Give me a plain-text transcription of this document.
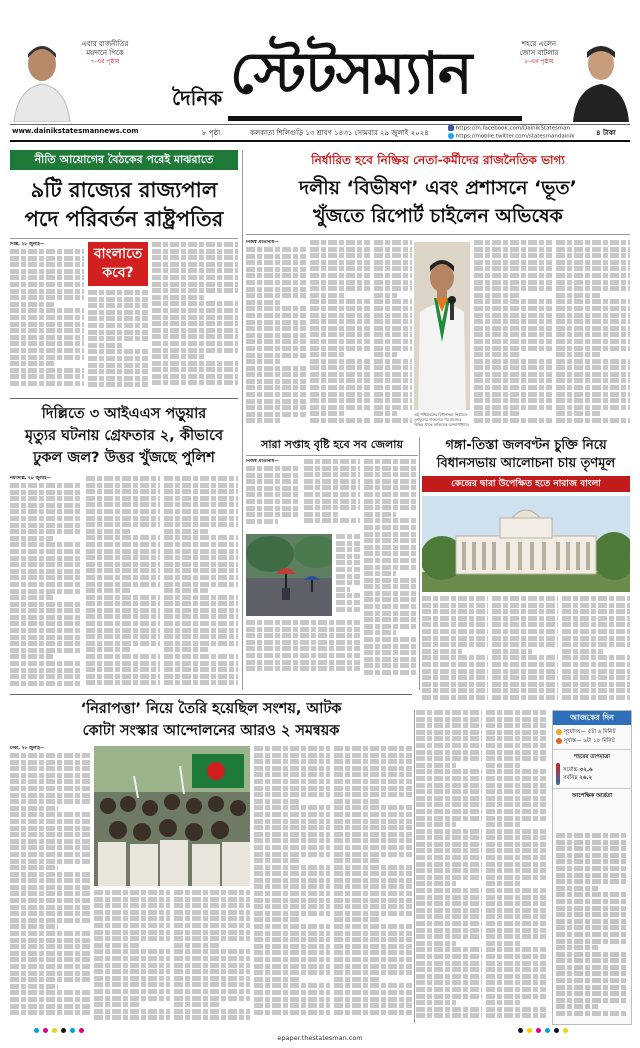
এবার রাজনীতির
ময়দানে পিকে
৭-এর পৃষ্ঠায়
দৈনিক স্টেটসম্যান	শহরে এলেন
জোস বাটলার
৮-এর পৃষ্ঠায়
www.dainikstatesmannews.com	৮ পৃষ্ঠা	কলকাতা শিলিগুড়ি ১৩ শ্রাবণ ১৪৩১ সোমবার ২৯ জুলাই ২০২৪
https://m.facebook.com/DainikStatesman
https://mobile.twitter.com/statesmandainik	৪ টাকা
নীতি আয়োগের বৈঠকের পরেই মাঝরাতে
৯টি রাজ্যের রাজ্যপাল
পদে পরিবর্তন রাষ্ট্রপতির
দিল্লি, ২৮ জুলাই—
বাংলাতে
কবে?
নির্ধারিত হবে নিষ্ক্রিয় নেতা-কর্মীদের রাজনৈতিক ভাগ্য
দলীয় ‘বিভীষণ’ এবং প্রশাসনে ‘ভূত’
খুঁজতে রিপোর্ট চাইলেন অভিষেক
নিজস্ব প্রতিনিধি—
এই পশ্চিমবঙ্গের বিধানসভা নির্বাচনে তৃণমূলের সাফল্যের পর রাজ্যের বিভিন্ন প্রান্তে অভিষেক বন্দ্যোপাধ্যায়।
দিল্লিতে ৩ আইএএস পড়ুয়ার
মৃত্যুর ঘটনায় গ্রেফতার ২, কীভাবে
ঢুকল জল? উত্তর খুঁজছে পুলিশ
নয়াদিল্লি, ২৮ জুলাই—
সারা সপ্তাহ বৃষ্টি হবে সব জেলায়
নিজস্ব প্রতিনিধি—
গঙ্গা-তিস্তা জলবণ্টন চুক্তি নিয়ে
বিধানসভায় আলোচনা চায় তৃণমূল
কেন্দ্রের দ্বারা উপেক্ষিত হতে নারাজ বাংলা
‘নিরাপত্তা’ নিয়ে তৈরি হয়েছিল সংশয়, আটক
কোটা সংস্কার আন্দোলনের আরও ২ সমন্বয়ক
ঢাকা, ২৮ জুলাই—
আজকের দিন
সূর্যোদয়— ৫টা ৬ মিনিট
সূর্যাস্ত— ৬টা ১৮ মিনিট
শহরের তাপমাত্রা
সর্বোচ্চ ৩২.৬
সর্বনিম্ন ২৬.২
আপেক্ষিক আর্দ্রতা
epaper.thestatesman.com
